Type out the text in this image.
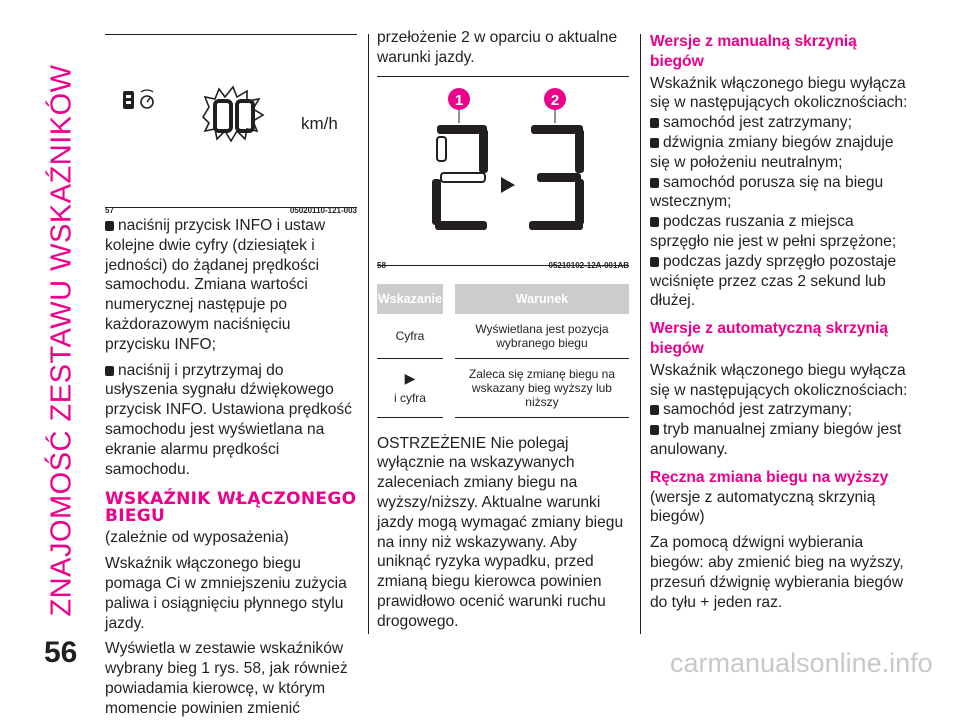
ZNAJOMOŚĆ ZESTAWU WSKAŹNIKÓW	km/h
57	05020110-121-003

naciśnij przycisk INFO i ustaw kolejne dwie cyfry (dziesiątek i jedności) do żądanej prędkości samochodu. Zmiana wartości numerycznej następuje po każdorazowym naciśnięciu przycisku INFO;

naciśnij i przytrzymaj do usłyszenia sygnału dźwiękowego przycisk INFO. Ustawiona prędkość samochodu jest wyświetlana na ekranie alarmu prędkości samochodu.

WSKAŹNIK WŁĄCZONEGO BIEGU

(zależnie od wyposażenia)

Wskaźnik włączonego biegu pomaga Ci w zmniejszeniu zużycia paliwa i osiągnięciu płynnego stylu jazdy.

Wyświetla w zestawie wskaźników wybrany bieg 1 rys. 58, jak również powiadamia kierowcę, w którym momencie powinien zmienić

przełożenie 2 w oparciu o aktualne warunki jazdy.

1	2
58	05210102-12A-001AB
Wskazanie		Warunek
Cyfra		Wyświetlana jest pozycja wybranego biegu

▶
i cyfra		Zaleca się zmianę biegu na wskazany bieg wyższy lub niższy

OSTRZEŻENIE Nie polegaj wyłącznie na wskazywanych zaleceniach zmiany biegu na wyższy/niższy. Aktualne warunki jazdy mogą wymagać zmiany biegu na inny niż wskazywany. Aby uniknąć ryzyka wypadku, przed zmianą biegu kierowca powinien prawidłowo ocenić warunki ruchu drogowego.

Wersje z manualną skrzynią biegów

Wskaźnik włączonego biegu wyłącza się w następujących okolicznościach:

samochód jest zatrzymany;
dźwignia zmiany biegów znajduje się w położeniu neutralnym;
samochód porusza się na biegu wstecznym;
podczas ruszania z miejsca sprzęgło nie jest w pełni sprzężone;
podczas jazdy sprzęgło pozostaje wciśnięte przez czas 2 sekund lub dłużej.
Wersje z automatyczną skrzynią biegów

Wskaźnik włączonego biegu wyłącza się w następujących okolicznościach:

samochód jest zatrzymany;
tryb manualnej zmiany biegów jest anulowany.
Ręczna zmiana biegu na wyższy

(wersje z automatyczną skrzynią biegów)

Za pomocą dźwigni wybierania biegów: aby zmienić bieg na wyższy, przesuń dźwignię wybierania biegów do tyłu + jeden raz.

56	carmanualsonline.info
